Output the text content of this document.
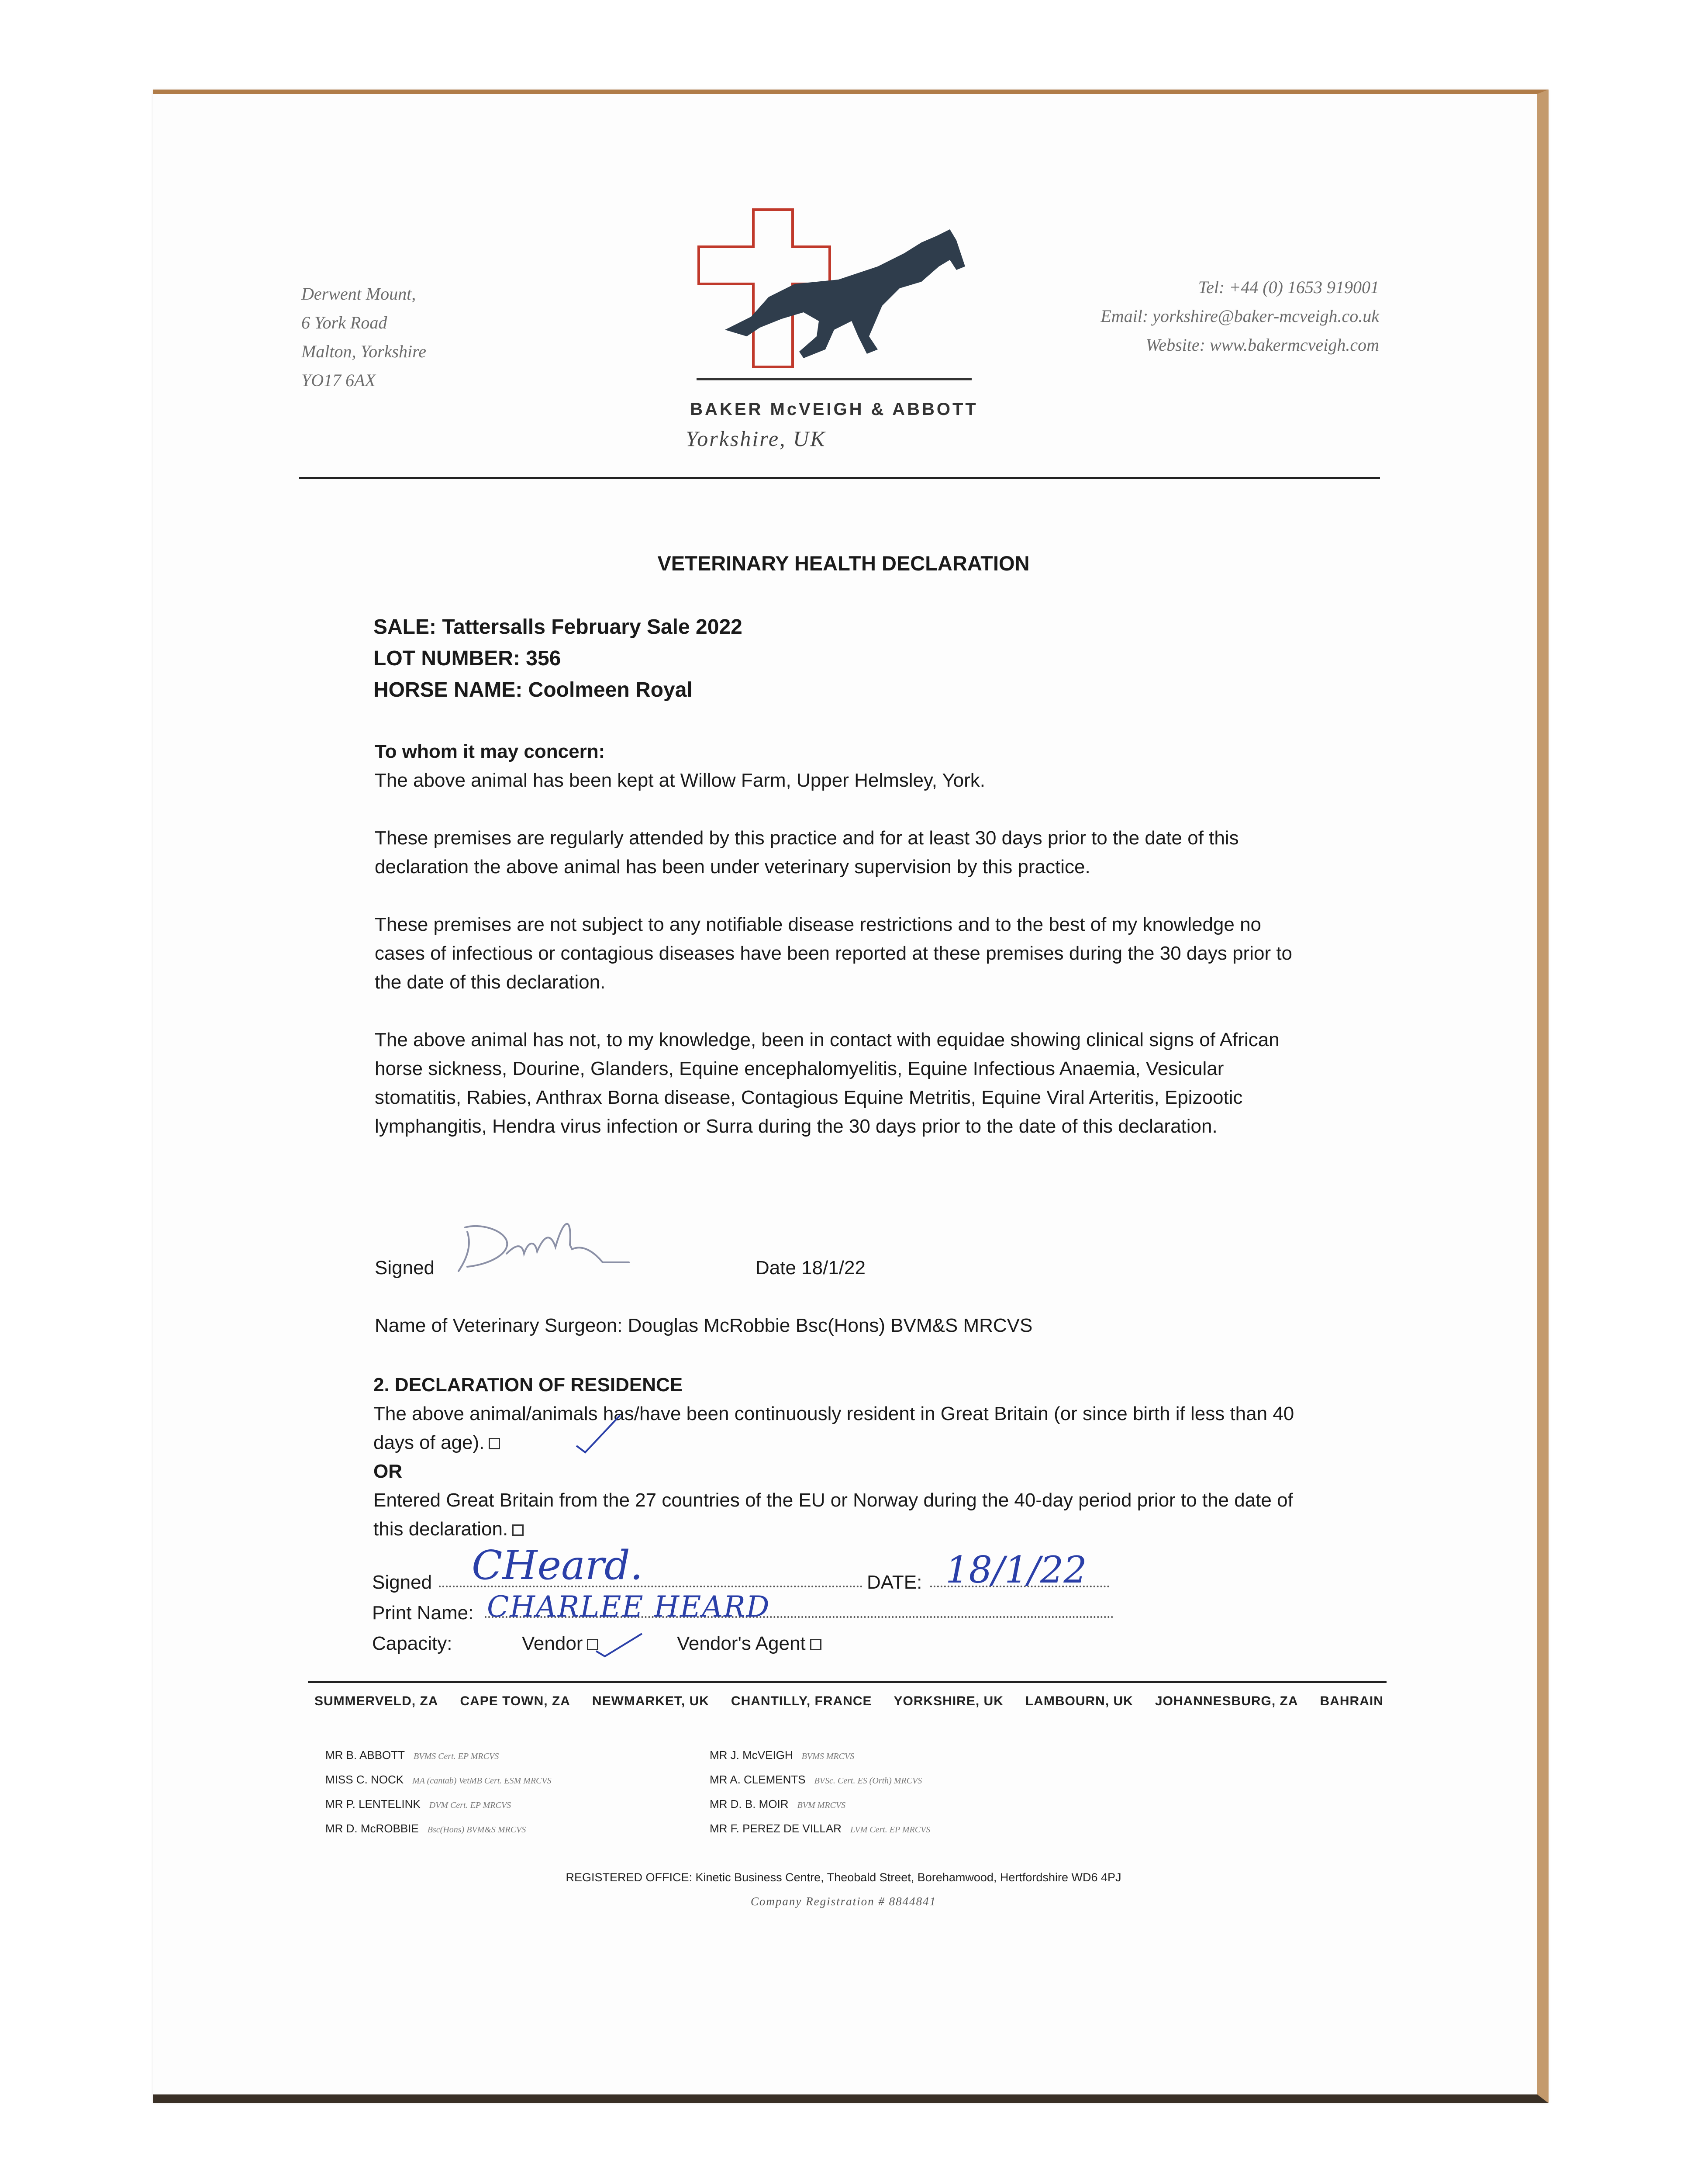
Derwent Mount,
6 York Road
Malton, Yorkshire
YO17 6AX
Tel: +44 (0) 1653 919001
Email: yorkshire@baker-mcveigh.co.uk
Website: www.bakermcveigh.com
BAKER McVEIGH & ABBOTT
Yorkshire, UK
VETERINARY HEALTH DECLARATION
SALE: Tattersalls February Sale 2022
LOT NUMBER: 356
HORSE NAME: Coolmeen Royal
To whom it may concern:
The above animal has been kept at Willow Farm, Upper Helmsley, York.
These premises are regularly attended by this practice and for at least 30 days prior to the date of this declaration the above animal has been under veterinary supervision by this practice.
These premises are not subject to any notifiable disease restrictions and to the best of my knowledge no cases of infectious or contagious diseases have been reported at these premises during the 30 days prior to the date of this declaration.
The above animal has not, to my knowledge, been in contact with equidae showing clinical signs of African horse sickness, Dourine, Glanders, Equine encephalomyelitis, Equine Infectious Anaemia, Vesicular stomatitis, Rabies, Anthrax Borna disease, Contagious Equine Metritis, Equine Viral Arteritis, Epizootic lymphangitis, Hendra virus infection or Surra during the 30 days prior to the date of this declaration.
Signed	Date 18/1/22
Name of Veterinary Surgeon: Douglas McRobbie Bsc(Hons) BVM&S MRCVS
2. DECLARATION OF RESIDENCE
The above animal/animals has/have been continuously resident in Great Britain (or since birth if less than 40 days of age).
OR
Entered Great Britain from the 27 countries of the EU or Norway during the 40-day period prior to the date of this declaration.
Signed CHeard.	DATE: 18/1/22
Print Name: CHARLEE HEARD
Capacity:	Vendor	Vendor's Agent
SUMMERVELD, ZA CAPE TOWN, ZA NEWMARKET, UK CHANTILLY, FRANCE YORKSHIRE, UK LAMBOURN, UK JOHANNESBURG, ZA BAHRAIN
MR B. ABBOTT BVMS Cert. EP MRCVS
MISS C. NOCK MA (cantab) VetMB Cert. ESM MRCVS
MR P. LENTELINK DVM Cert. EP MRCVS
MR D. McROBBIE Bsc(Hons) BVM&S MRCVS
MR J. McVEIGH BVMS MRCVS
MR A. CLEMENTS BVSc. Cert. ES (Orth) MRCVS
MR D. B. MOIR BVM MRCVS
MR F. PEREZ DE VILLAR LVM Cert. EP MRCVS
REGISTERED OFFICE: Kinetic Business Centre, Theobald Street, Borehamwood, Hertfordshire WD6 4PJ
Company Registration # 8844841
